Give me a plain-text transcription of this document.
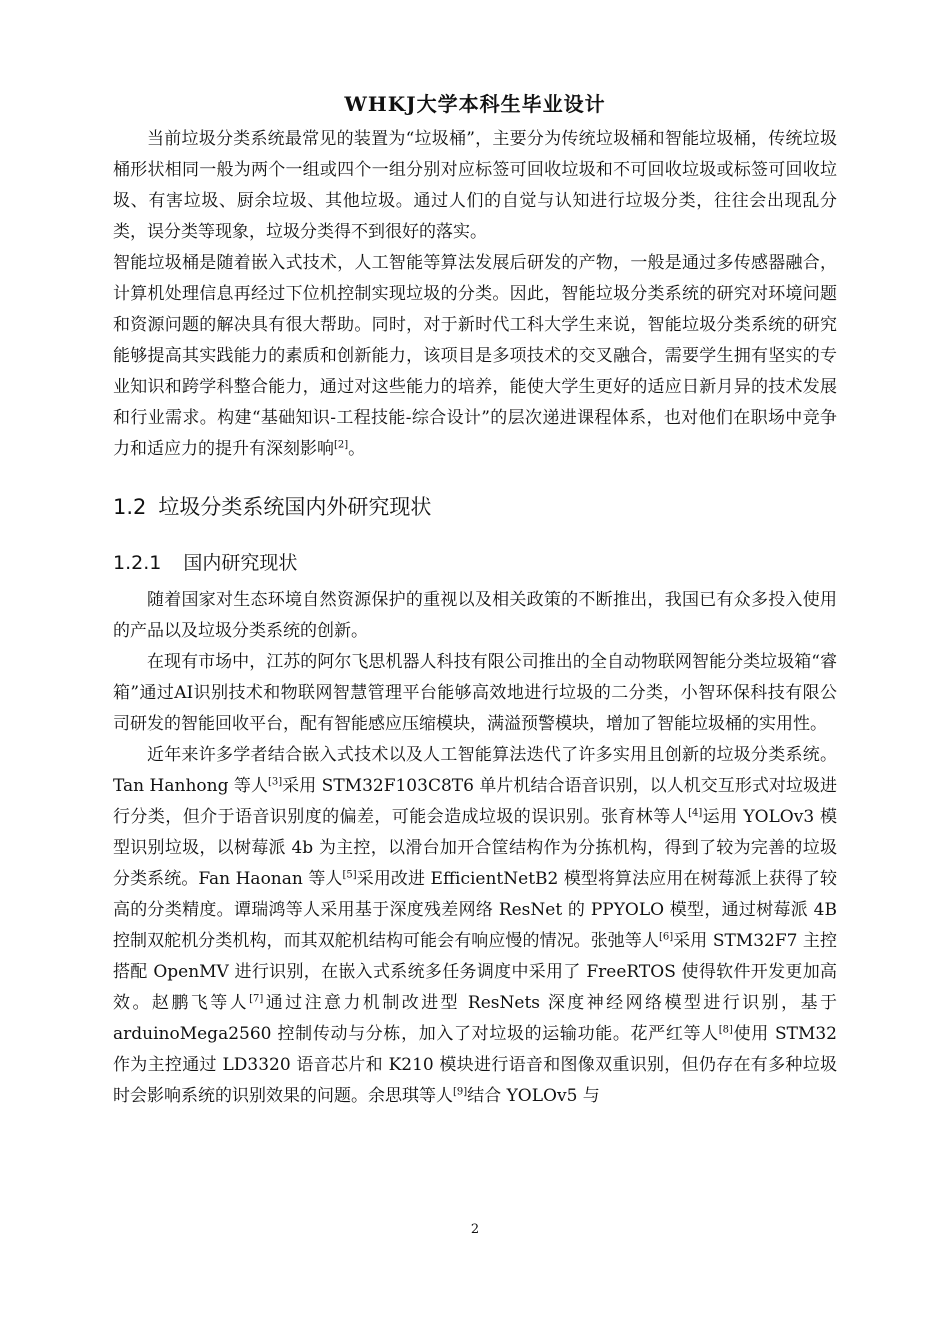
WHKJ大学本科生毕业设计

当前垃圾分类系统最常见的装置为“垃圾桶”，主要分为传统垃圾桶和智能垃圾桶，传统垃圾桶形状相同一般为两个一组或四个一组分别对应标签可回收垃圾和不可回收垃圾或标签可回收垃圾、有害垃圾、厨余垃圾、其他垃圾。通过人们的自觉与认知进行垃圾分类，往往会出现乱分类，误分类等现象，垃圾分类得不到很好的落实。

智能垃圾桶是随着嵌入式技术，人工智能等算法发展后研发的产物，一般是通过多传感器融合，计算机处理信息再经过下位机控制实现垃圾的分类。因此，智能垃圾分类系统的研究对环境问题和资源问题的解决具有很大帮助。同时，对于新时代工科大学生来说，智能垃圾分类系统的研究能够提高其实践能力的素质和创新能力，该项目是多项技术的交叉融合，需要学生拥有坚实的专业知识和跨学科整合能力，通过对这些能力的培养，能使大学生更好的适应日新月异的技术发展和行业需求。构建“基础知识-工程技能-综合设计”的层次递进课程体系，也对他们在职场中竞争力和适应力的提升有深刻影响[2]。

1.2 垃圾分类系统国内外研究现状
1.2.1 国内研究现状

随着国家对生态环境自然资源保护的重视以及相关政策的不断推出，我国已有众多投入使用的产品以及垃圾分类系统的创新。

在现有市场中，江苏的阿尔飞思机器人科技有限公司推出的全自动物联网智能分类垃圾箱“睿箱”通过AI识别技术和物联网智慧管理平台能够高效地进行垃圾的二分类，小智环保科技有限公司研发的智能回收平台，配有智能感应压缩模块，满溢预警模块，增加了智能垃圾桶的实用性。

近年来许多学者结合嵌入式技术以及人工智能算法迭代了许多实用且创新的垃圾分类系统。Tan Hanhong 等人[3]采用 STM32F103C8T6 单片机结合语音识别，以人机交互形式对垃圾进行分类，但介于语音识别度的偏差，可能会造成垃圾的误识别。张育林等人[4]运用 YOLOv3 模型识别垃圾，以树莓派 4b 为主控，以滑台加开合筐结构作为分拣机构，得到了较为完善的垃圾分类系统。Fan Haonan 等人[5]采用改进 EfficientNetB2 模型将算法应用在树莓派上获得了较高的分类精度。谭瑞鸿等人采用基于深度残差网络 ResNet 的 PPYOLO 模型，通过树莓派 4B 控制双舵机分类机构，而其双舵机结构可能会有响应慢的情况。张弛等人[6]采用 STM32F7 主控搭配 OpenMV 进行识别，在嵌入式系统多任务调度中采用了 FreeRTOS 使得软件开发更加高效。赵鹏飞等人[7]通过注意力机制改进型 ResNets 深度神经网络模型进行识别，基于 arduinoMega2560 控制传动与分栋，加入了对垃圾的运输功能。花严红等人[8]使用 STM32 作为主控通过 LD3320 语音芯片和 K210 模块进行语音和图像双重识别，但仍存在有多种垃圾时会影响系统的识别效果的问题。余思琪等人[9]结合 YOLOv5 与

2
